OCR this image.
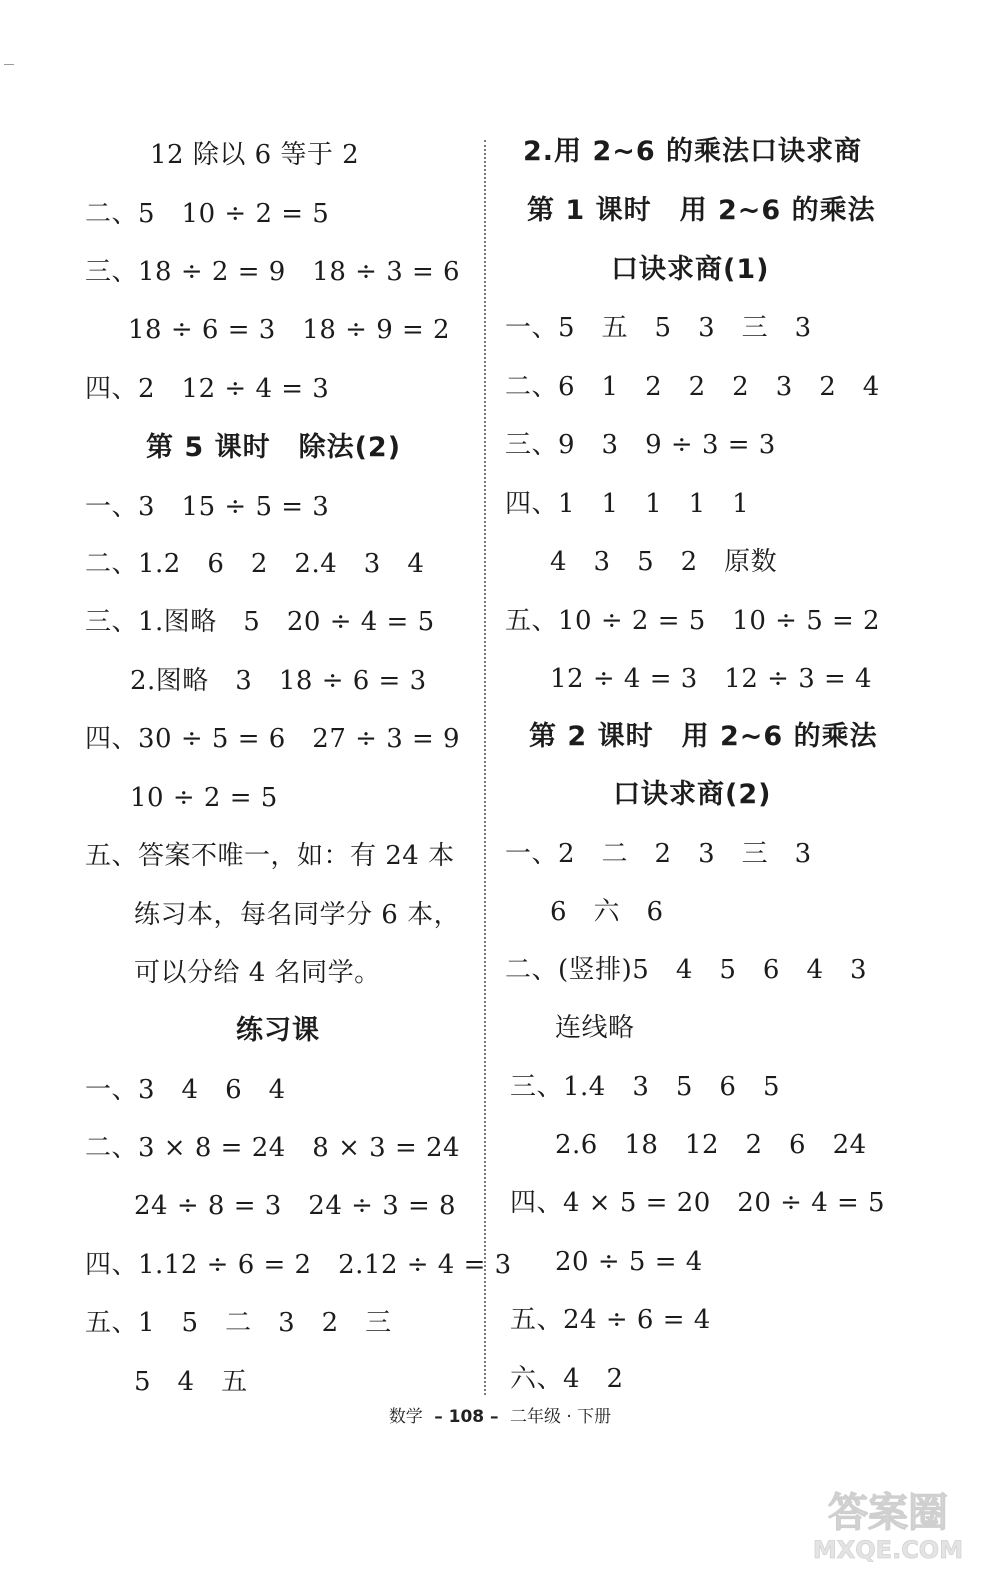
12 除以 6 等于 2
二、5　10 ÷ 2 = 5
三、18 ÷ 2 = 9　18 ÷ 3 = 6
18 ÷ 6 = 3　18 ÷ 9 = 2
四、2　12 ÷ 4 = 3
第 5 课时　除法(2)
一、3　15 ÷ 5 = 3
二、1.2　6　2　2.4　3　4
三、1.图略　5　20 ÷ 4 = 5
2.图略　3　18 ÷ 6 = 3
四、30 ÷ 5 = 6　27 ÷ 3 = 9
10 ÷ 2 = 5
五、答案不唯一，如：有 24 本
练习本，每名同学分 6 本，
可以分给 4 名同学。
练习课
一、3　4　6　4
二、3 × 8 = 24　8 × 3 = 24
24 ÷ 8 = 3　24 ÷ 3 = 8
四、1.12 ÷ 6 = 2　2.12 ÷ 4 = 3
五、1　5　二　3　2　三
5　4　五
2.用 2~6 的乘法口诀求商
第 1 课时　用 2~6 的乘法
口诀求商(1)
一、5　五　5　3　三　3
二、6　1　2　2　2　3　2　4
三、9　3　9 ÷ 3 = 3
四、1　1　1　1　1
4　3　5　2　原数
五、10 ÷ 2 = 5　10 ÷ 5 = 2
12 ÷ 4 = 3　12 ÷ 3 = 4
第 2 课时　用 2~6 的乘法
口诀求商(2)
一、2　二　2　3　三　3
6　六　6
二、(竖排)5　4　5　6　4　3
连线略
三、1.4　3　5　6　5
2.6　18　12　2　6　24
四、4 × 5 = 20　20 ÷ 4 = 5
20 ÷ 5 = 4
五、24 ÷ 6 = 4
六、4　2
数学 – 108 – 二年级 · 下册
答案圈
MXQE.COM
